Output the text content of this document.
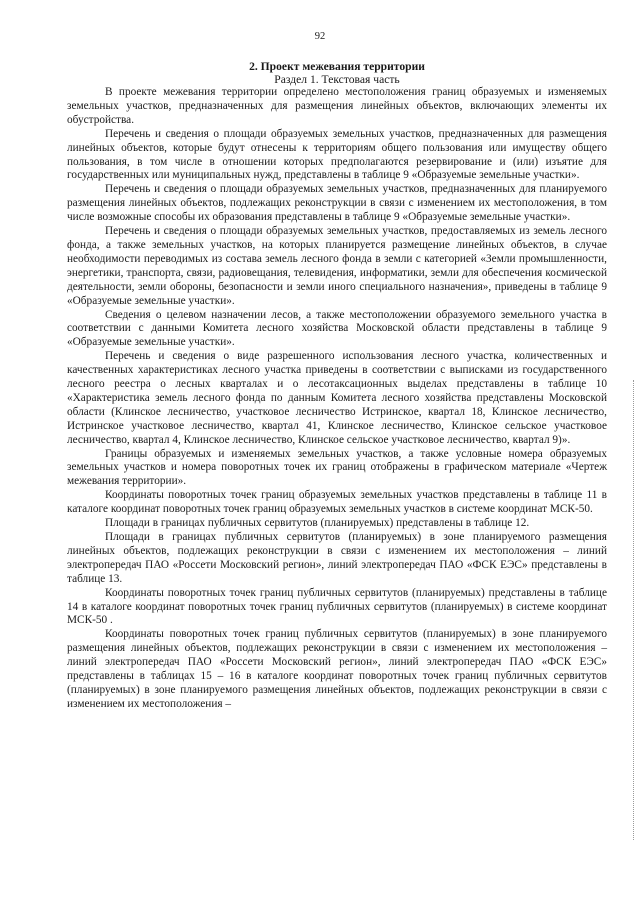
92
2. Проект межевания территории

Раздел 1. Текстовая часть

В проекте межевания территории определено местоположения границ образуемых и изменяемых земельных участков, предназначенных для размещения линейных объектов, включающих элементы их обустройства.

Перечень и сведения о площади образуемых земельных участков, предназначенных для размещения линейных объектов, которые будут отнесены к территориям общего пользования или имуществу общего пользования, в том числе в отношении которых предполагаются резервирование и (или) изъятие для государственных или муниципальных нужд, представлены в таблице 9 «Образуемые земельные участки».

Перечень и сведения о площади образуемых земельных участков, предназначенных для планируемого размещения линейных объектов, подлежащих реконструкции в связи с изменением их местоположения, в том числе возможные способы их образования представлены в таблице 9 «Образуемые земельные участки».

Перечень и сведения о площади образуемых земельных участков, предоставляемых из земель лесного фонда, а также земельных участков, на которых планируется размещение линейных объектов, в случае необходимости переводимых из состава земель лесного фонда в земли с категорией «Земли промышленности, энергетики, транспорта, связи, радиовещания, телевидения, информатики, земли для обеспечения космической деятельности, земли обороны, безопасности и земли иного специального назначения», приведены в таблице 9 «Образуемые земельные участки».

Сведения о целевом назначении лесов, а также местоположении образуемого земельного участка в соответствии с данными Комитета лесного хозяйства Московской области представлены в таблице 9 «Образуемые земельные участки».

Перечень и сведения о виде разрешенного использования лесного участка, количественных и качественных характеристиках лесного участка приведены в соответствии с выписками из государственного лесного реестра о лесных кварталах и о лесотаксационных выделах представлены в таблице 10 «Характеристика земель лесного фонда по данным Комитета лесного хозяйства представлены Московской области (Клинское лесничество, участковое лесничество Истринское, квартал 18, Клинское лесничество, Истринское участковое лесничество, квартал 41, Клинское лесничество, Клинское сельское участковое лесничество, квартал 4, Клинское лесничество, Клинское сельское участковое лесничество, квартал 9)».

Границы образуемых и изменяемых земельных участков, а также условные номера образуемых земельных участков и номера поворотных точек их границ отображены в графическом материале «Чертеж межевания территории».

Координаты поворотных точек границ образуемых земельных участков представлены в таблице 11 в каталоге координат поворотных точек границ образуемых земельных участков в системе координат МСК-50.

Площади в границах публичных сервитутов (планируемых) представлены в таблице 12.

Площади в границах публичных сервитутов (планируемых) в зоне планируемого размещения линейных объектов, подлежащих реконструкции в связи с изменением их местоположения – линий электропередач ПАО «Россети Московский регион», линий электропередач ПАО «ФСК ЕЭС» представлены в таблице 13.

Координаты поворотных точек границ публичных сервитутов (планируемых) представлены в таблице 14 в каталоге координат поворотных точек границ публичных сервитутов (планируемых) в системе координат МСК-50 .

Координаты поворотных точек границ публичных сервитутов (планируемых) в зоне планируемого размещения линейных объектов, подлежащих реконструкции в связи с изменением их местоположения – линий электропередач ПАО «Россети Московский регион», линий электропередач ПАО «ФСК ЕЭС» представлены в таблицах 15 – 16 в каталоге координат поворотных точек границ публичных сервитутов (планируемых) в зоне планируемого размещения линейных объектов, подлежащих реконструкции в связи с изменением их местоположения –
